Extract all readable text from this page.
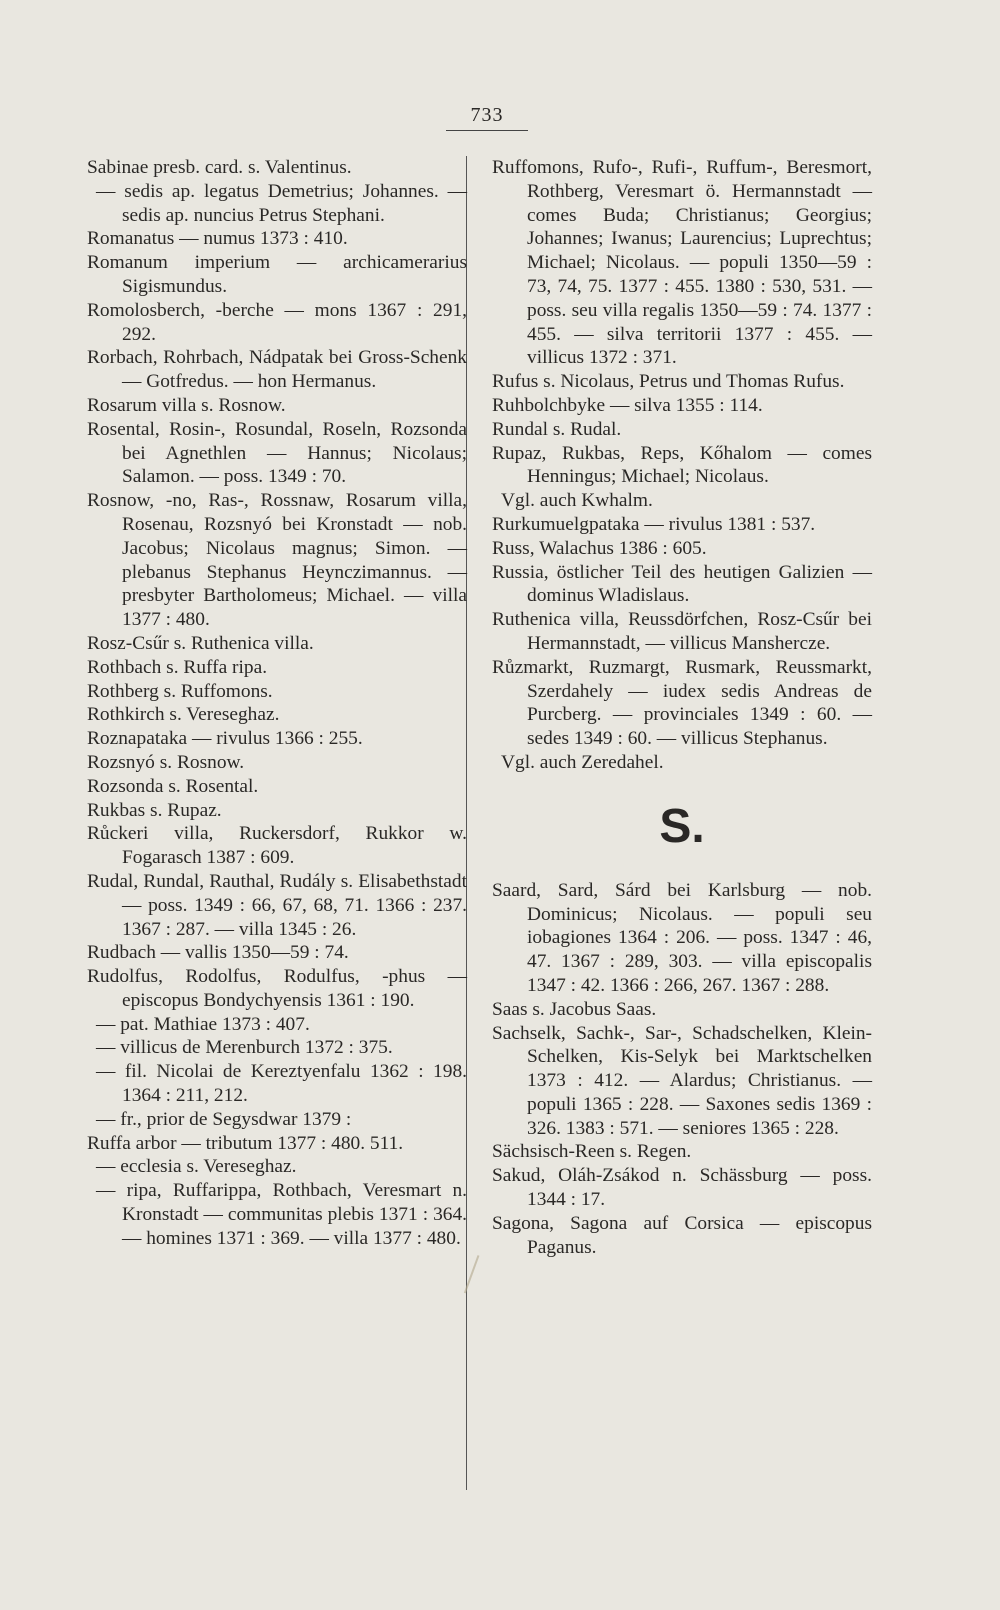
733
Sabinae presb. card. s. Valentinus.
— sedis ap. legatus Demetrius; Johannes. — sedis ap. nuncius Petrus Stephani.
Romanatus — numus 1373 : 410.
Romanum imperium — archicamerarius Sigismundus.
Romolosberch, -berche — mons 1367 : 291, 292.
Rorbach, Rohrbach, Nádpatak bei Gross-Schenk — Gotfredus. — hon Hermanus.
Rosarum villa s. Rosnow.
Rosental, Rosin-, Rosundal, Roseln, Rozsonda bei Agnethlen — Hannus; Nicolaus; Salamon. — poss. 1349 : 70.
Rosnow, -no, Ras-, Rossnaw, Rosarum villa, Rosenau, Rozsnyó bei Kronstadt — nob. Jacobus; Nicolaus magnus; Simon. — plebanus Stephanus Heynczimannus. — presbyter Bartholomeus; Michael. — villa 1377 : 480.
Rosz-Csűr s. Ruthenica villa.
Rothbach s. Ruffa ripa.
Rothberg s. Ruffomons.
Rothkirch s. Vereseghaz.
Roznapataka — rivulus 1366 : 255.
Rozsnyó s. Rosnow.
Rozsonda s. Rosental.
Rukbas s. Rupaz.
Růckeri villa, Ruckersdorf, Rukkor w. Fogarasch 1387 : 609.
Rudal, Rundal, Rauthal, Rudály s. Elisabethstadt — poss. 1349 : 66, 67, 68, 71. 1366 : 237. 1367 : 287. — villa 1345 : 26.
Rudbach — vallis 1350—59 : 74.
Rudolfus, Rodolfus, Rodulfus, -phus — episcopus Bondychyensis 1361 : 190.
— pat. Mathiae 1373 : 407.
— villicus de Merenburch 1372 : 375.
— fil. Nicolai de Kereztyenfalu 1362 : 198. 1364 : 211, 212.
— fr., prior de Segysdwar 1379 :
Ruffa arbor — tributum 1377 : 480. 511.
— ecclesia s. Vereseghaz.
— ripa, Ruffarippa, Rothbach, Veresmart n. Kronstadt — communitas plebis 1371 : 364. — homines 1371 : 369. — villa 1377 : 480.
Ruffomons, Rufo-, Rufi-, Ruffum-, Beresmort, Rothberg, Veresmart ö. Hermannstadt — comes Buda; Christianus; Georgius; Johannes; Iwanus; Laurencius; Luprechtus; Michael; Nicolaus. — populi 1350—59 : 73, 74, 75. 1377 : 455. 1380 : 530, 531. — poss. seu villa regalis 1350—59 : 74. 1377 : 455. — silva territorii 1377 : 455. — villicus 1372 : 371.
Rufus s. Nicolaus, Petrus und Thomas Rufus.
Ruhbolchbyke — silva 1355 : 114.
Rundal s. Rudal.
Rupaz, Rukbas, Reps, Kőhalom — comes Henningus; Michael; Nicolaus.
Vgl. auch Kwhalm.
Rurkumuelgpataka — rivulus 1381 : 537.
Russ, Walachus 1386 : 605.
Russia, östlicher Teil des heutigen Galizien — dominus Wladislaus.
Ruthenica villa, Reussdörfchen, Rosz-Csűr bei Hermannstadt, — villicus Manshercze.
Růzmarkt, Ruzmargt, Rusmark, Reussmarkt, Szerdahely — iudex sedis Andreas de Purcberg. — provinciales 1349 : 60. — sedes 1349 : 60. — villicus Stephanus.
Vgl. auch Zeredahel.
S.
Saard, Sard, Sárd bei Karlsburg — nob. Dominicus; Nicolaus. — populi seu iobagiones 1364 : 206. — poss. 1347 : 46, 47. 1367 : 289, 303. — villa episcopalis 1347 : 42. 1366 : 266, 267. 1367 : 288.
Saas s. Jacobus Saas.
Sachselk, Sachk-, Sar-, Schadschelken, Klein-Schelken, Kis-Selyk bei Marktschelken 1373 : 412. — Alardus; Christianus. — populi 1365 : 228. — Saxones sedis 1369 : 326. 1383 : 571. — seniores 1365 : 228.
Sächsisch-Reen s. Regen.
Sakud, Oláh-Zsákod n. Schässburg — poss. 1344 : 17.
Sagona, Sagona auf Corsica — episcopus Paganus.
